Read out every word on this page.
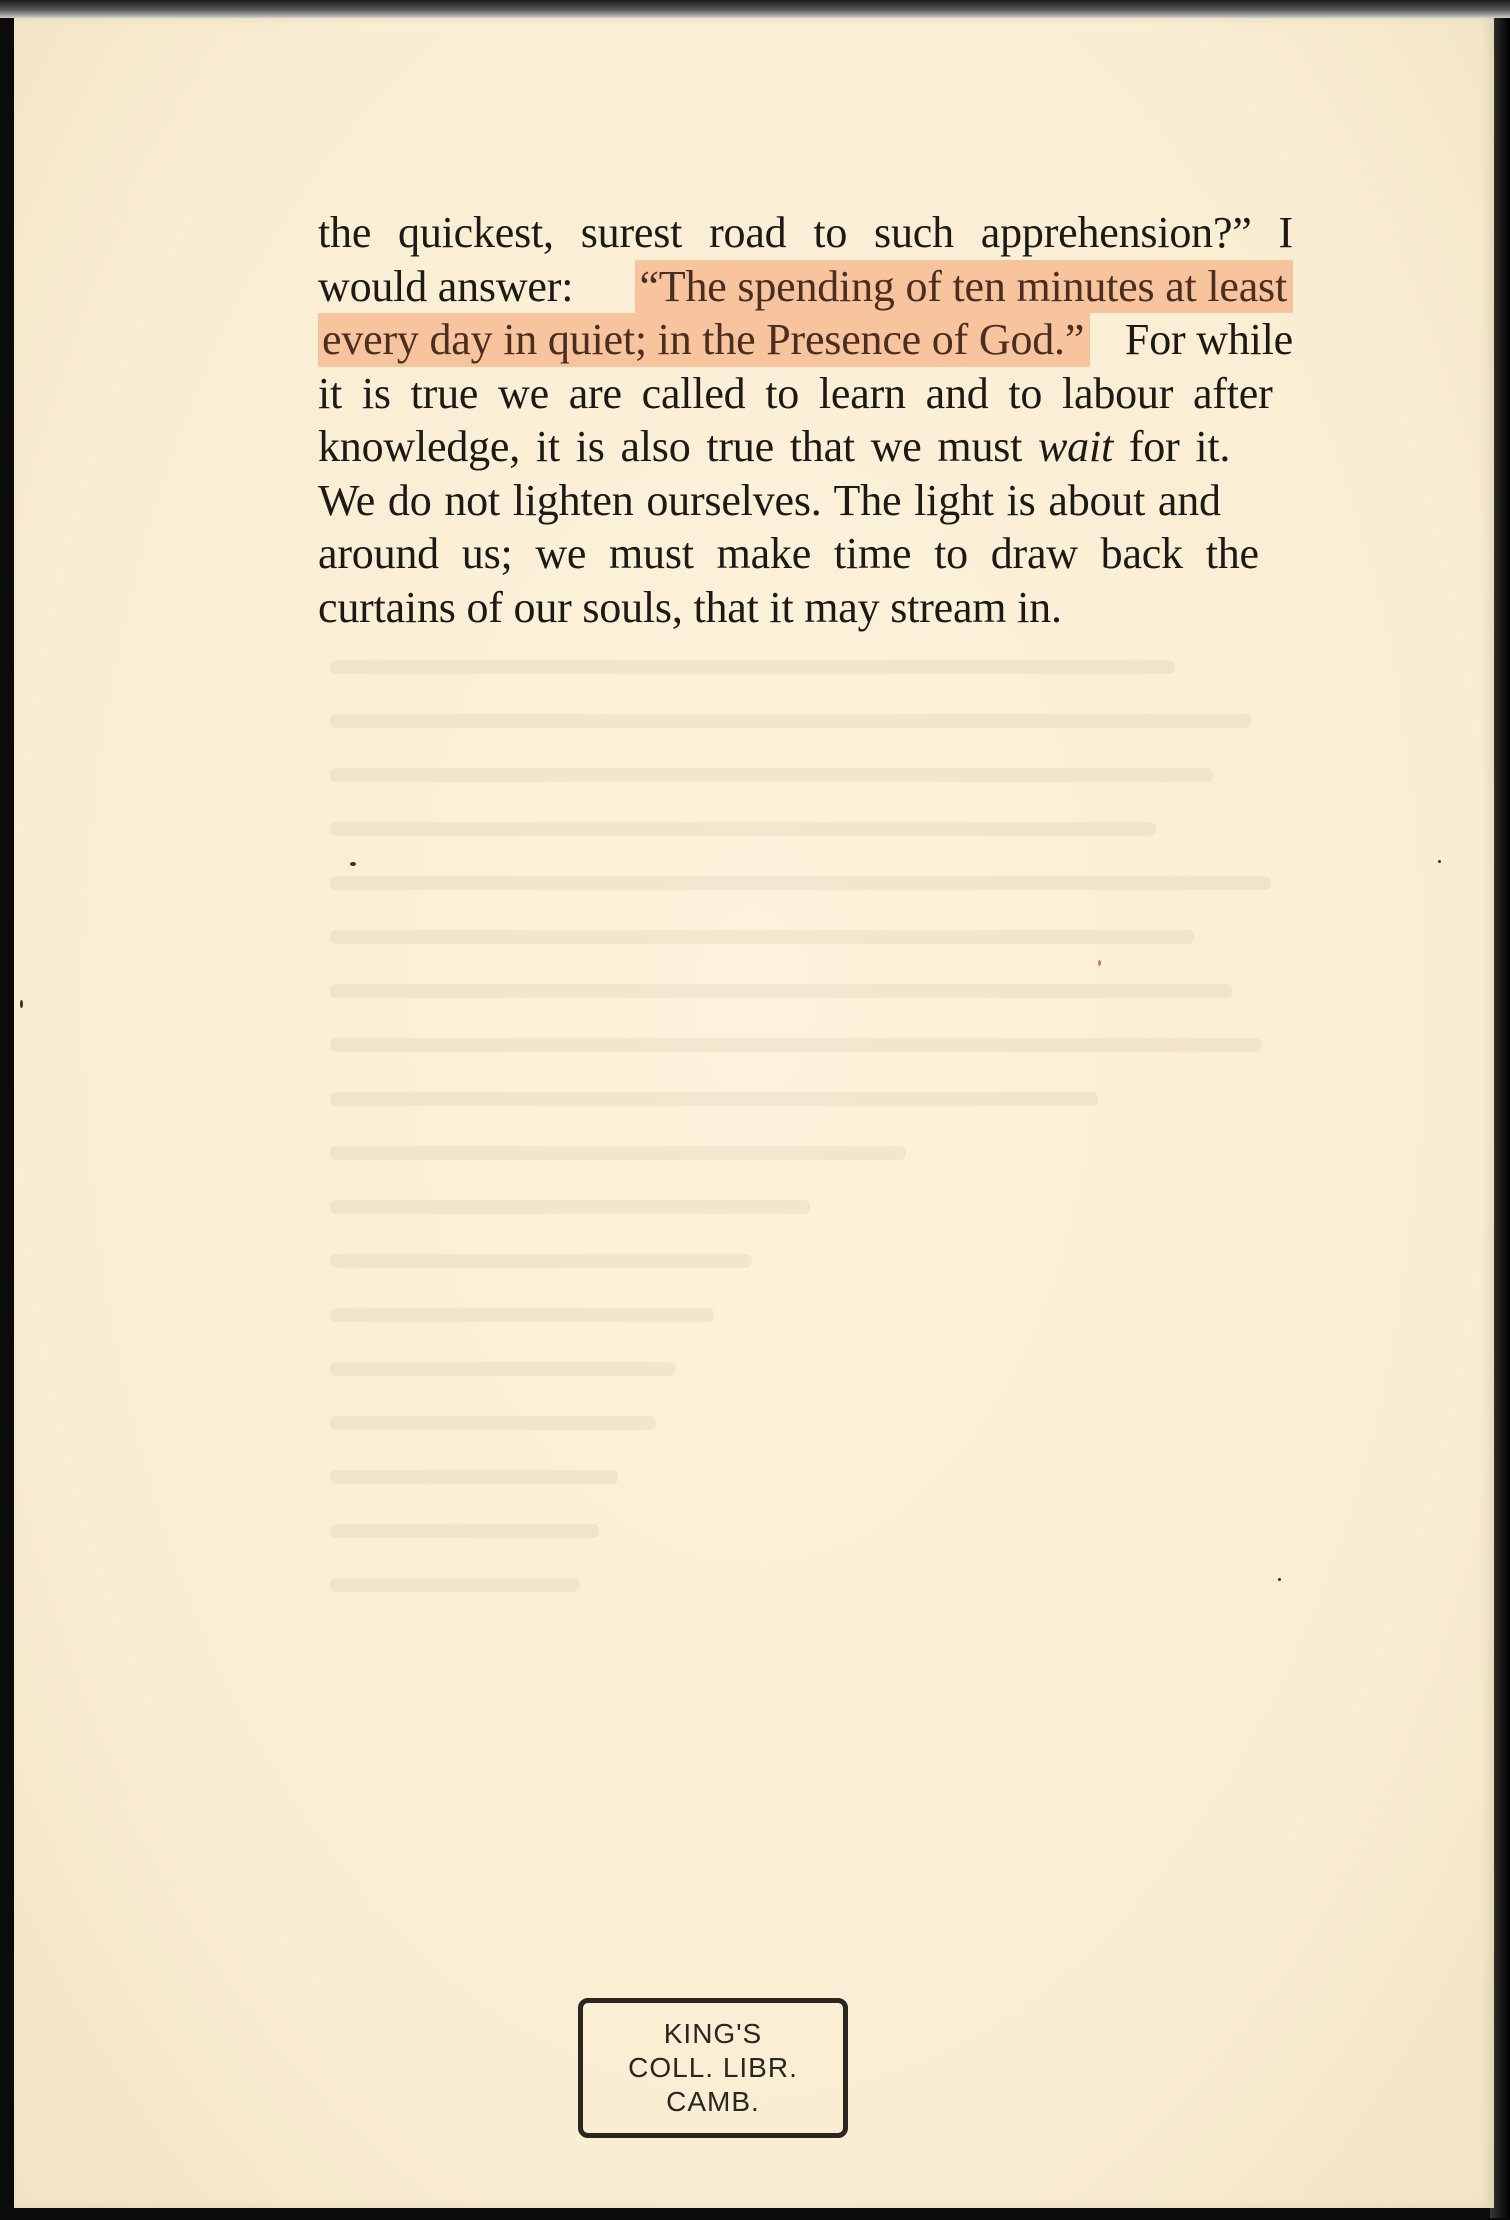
the quickest, surest road to such apprehension?” I
would answer: “The spending of ten minutes at least
every day in quiet; in the Presence of God.” For while
it is true we are called to learn and to labour after
knowledge, it is also true that we must wait for it.
We do not lighten ourselves. The light is about and
around us; we must make time to draw back the
curtains of our souls, that it may stream in.
KING'S
COLL. LIBR.
CAMB.
